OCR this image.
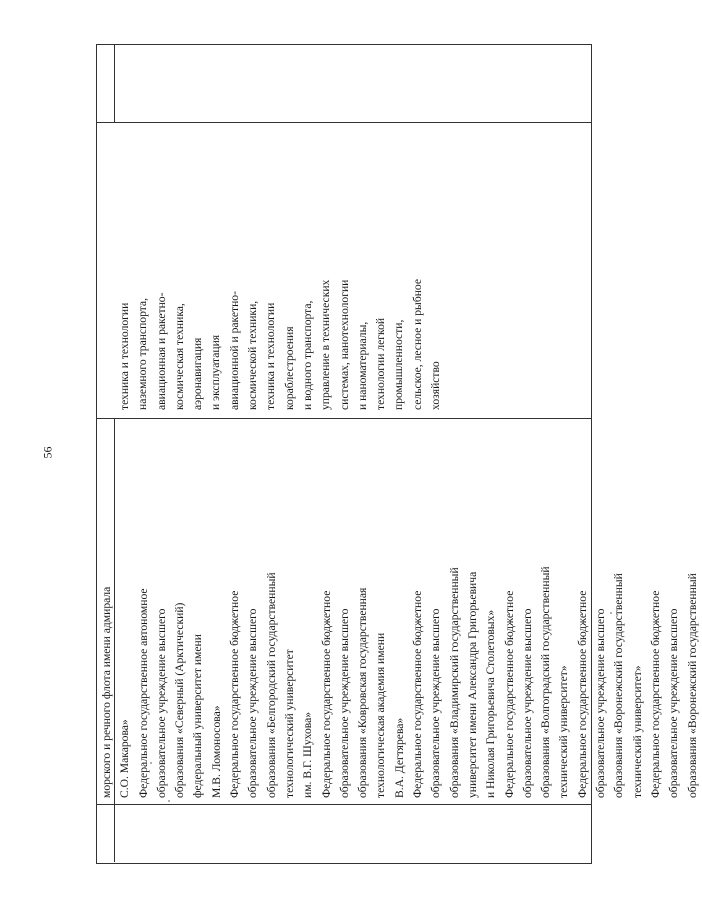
56
морского и речного флота имени адмирала С.О. Макарова» Федеральное государственное автономное образовательное учреждение высшего образования «Северный (Арктический) федеральный университет имени М.В. Ломоносова» Федеральное государственное бюджетное образовательное учреждение высшего образования «Белгородский государственный технологический университет им. В.Г. Шухова» Федеральное государственное бюджетное образовательное учреждение высшего образования «Ковровская государственная технологическая академия имени В.А. Дегтярева» Федеральное государственное бюджетное образовательное учреждение высшего образования «Владимирский государственный университет имени Александра Григорьевича и Николая Григорьевича Столетовых» Федеральное государственное бюджетное образовательное учреждение высшего образования «Волгоградский государственный технический университет» Федеральное государственное бюджетное образовательное учреждение высшего образования «Воронежский государственный технический университет» Федеральное государственное бюджетное образовательное учреждение высшего образования «Воронежский государственный
техника и технологии наземного транспорта, авиационная и ракетно- космическая техника, аэронавигация и эксплуатация авиационной и ракетно- космической техники, техника и технологии кораблестроения и водного транспорта, управление в технических системах, нанотехнологии и наноматериалы, технологии легкой промышленности, сельское, лесное и рыбное хозяйство
